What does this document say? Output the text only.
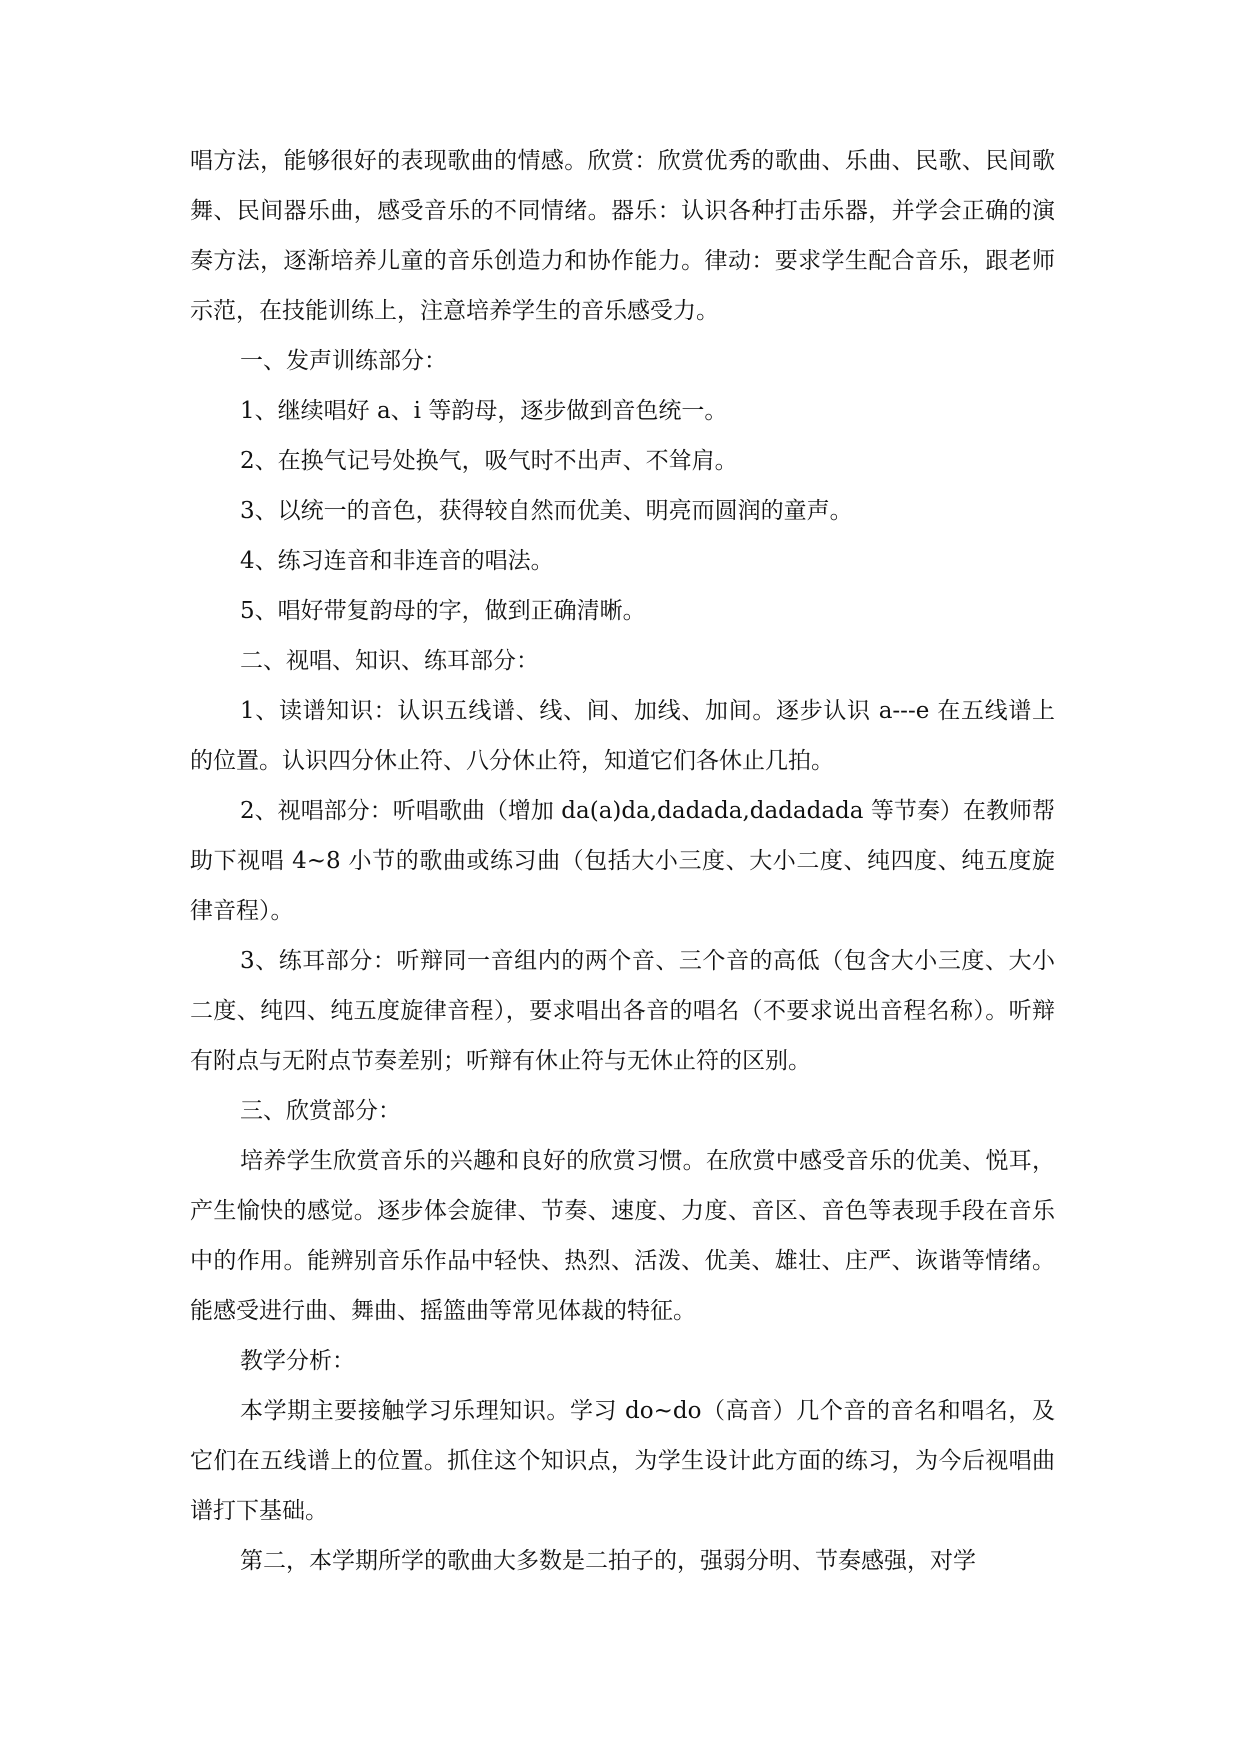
唱方法，能够很好的表现歌曲的情感。欣赏：欣赏优秀的歌曲、乐曲、民歌、民间歌舞、民间器乐曲，感受音乐的不同情绪。器乐：认识各种打击乐器，并学会正确的演奏方法，逐渐培养儿童的音乐创造力和协作能力。律动：要求学生配合音乐，跟老师示范，在技能训练上，注意培养学生的音乐感受力。

一、发声训练部分：

1、继续唱好 a、i 等韵母，逐步做到音色统一。

2、在换气记号处换气，吸气时不出声、不耸肩。

3、以统一的音色，获得较自然而优美、明亮而圆润的童声。

4、练习连音和非连音的唱法。

5、唱好带复韵母的字，做到正确清晰。

二、视唱、知识、练耳部分：

1、读谱知识：认识五线谱、线、间、加线、加间。逐步认识 a---e 在五线谱上的位置。认识四分休止符、八分休止符，知道它们各休止几拍。

2、视唱部分：听唱歌曲（增加 da(a)da,dadada,dadadada 等节奏）在教师帮助下视唱 4~8 小节的歌曲或练习曲（包括大小三度、大小二度、纯四度、纯五度旋律音程）。

3、练耳部分：听辩同一音组内的两个音、三个音的高低（包含大小三度、大小二度、纯四、纯五度旋律音程），要求唱出各音的唱名（不要求说出音程名称）。听辩有附点与无附点节奏差别；听辩有休止符与无休止符的区别。

三、欣赏部分：

培养学生欣赏音乐的兴趣和良好的欣赏习惯。在欣赏中感受音乐的优美、悦耳，产生愉快的感觉。逐步体会旋律、节奏、速度、力度、音区、音色等表现手段在音乐中的作用。能辨别音乐作品中轻快、热烈、活泼、优美、雄壮、庄严、诙谐等情绪。能感受进行曲、舞曲、摇篮曲等常见体裁的特征。

教学分析：

本学期主要接触学习乐理知识。学习 do~do（高音）几个音的音名和唱名，及它们在五线谱上的位置。抓住这个知识点，为学生设计此方面的练习，为今后视唱曲谱打下基础。

第二，本学期所学的歌曲大多数是二拍子的，强弱分明、节奏感强，对学
